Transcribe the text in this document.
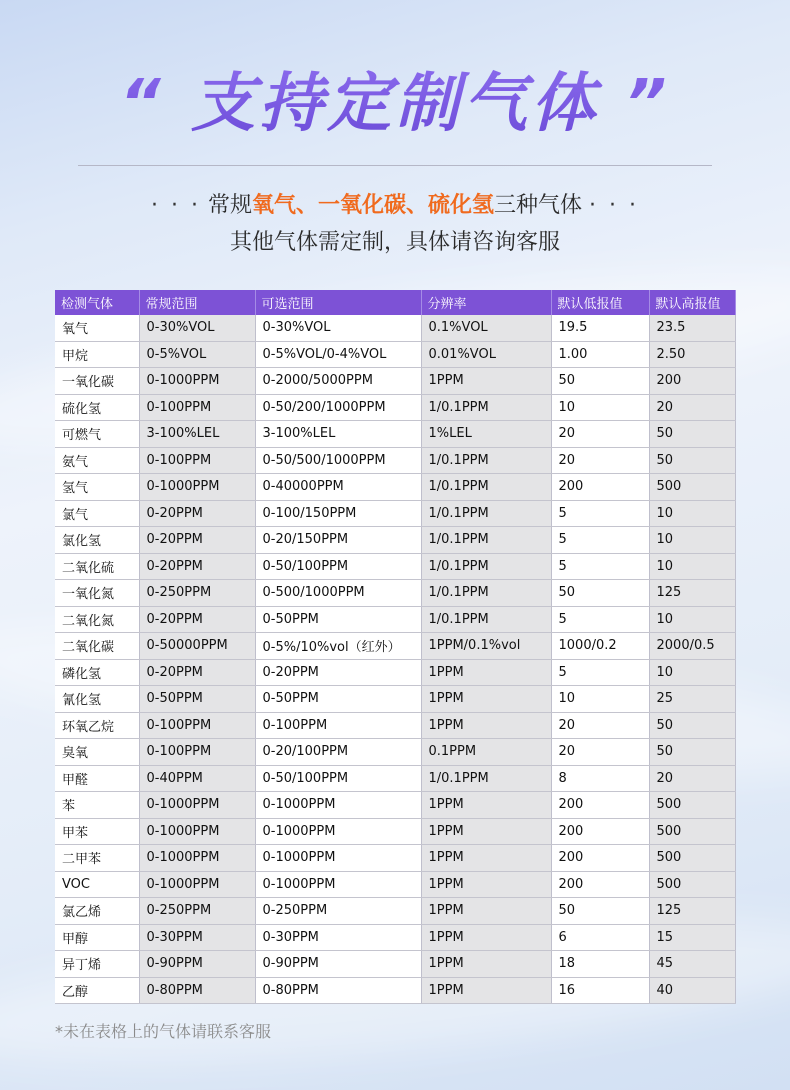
“ 支持定制气体 ”
· · · 常规氧气、一氧化碳、硫化氢三种气体 · · ·
其他气体需定制，具体请咨询客服
检测气体	常规范围	可选范围	分辨率	默认低报值	默认高报值
氧气	0-30%VOL	0-30%VOL	0.1%VOL	19.5	23.5
甲烷	0-5%VOL	0-5%VOL/0-4%VOL	0.01%VOL	1.00	2.50
一氧化碳	0-1000PPM	0-2000/5000PPM	1PPM	50	200
硫化氢	0-100PPM	0-50/200/1000PPM	1/0.1PPM	10	20
可燃气	3-100%LEL	3-100%LEL	1%LEL	20	50
氨气	0-100PPM	0-50/500/1000PPM	1/0.1PPM	20	50
氢气	0-1000PPM	0-40000PPM	1/0.1PPM	200	500
氯气	0-20PPM	0-100/150PPM	1/0.1PPM	5	10
氯化氢	0-20PPM	0-20/150PPM	1/0.1PPM	5	10
二氧化硫	0-20PPM	0-50/100PPM	1/0.1PPM	5	10
一氧化氮	0-250PPM	0-500/1000PPM	1/0.1PPM	50	125
二氧化氮	0-20PPM	0-50PPM	1/0.1PPM	5	10
二氧化碳	0-50000PPM	0-5%/10%vol（红外）	1PPM/0.1%vol	1000/0.2	2000/0.5
磷化氢	0-20PPM	0-20PPM	1PPM	5	10
氰化氢	0-50PPM	0-50PPM	1PPM	10	25
环氧乙烷	0-100PPM	0-100PPM	1PPM	20	50
臭氧	0-100PPM	0-20/100PPM	0.1PPM	20	50
甲醛	0-40PPM	0-50/100PPM	1/0.1PPM	8	20
苯	0-1000PPM	0-1000PPM	1PPM	200	500
甲苯	0-1000PPM	0-1000PPM	1PPM	200	500
二甲苯	0-1000PPM	0-1000PPM	1PPM	200	500
VOC	0-1000PPM	0-1000PPM	1PPM	200	500
氯乙烯	0-250PPM	0-250PPM	1PPM	50	125
甲醇	0-30PPM	0-30PPM	1PPM	6	15
异丁烯	0-90PPM	0-90PPM	1PPM	18	45
乙醇	0-80PPM	0-80PPM	1PPM	16	40
*未在表格上的气体请联系客服
